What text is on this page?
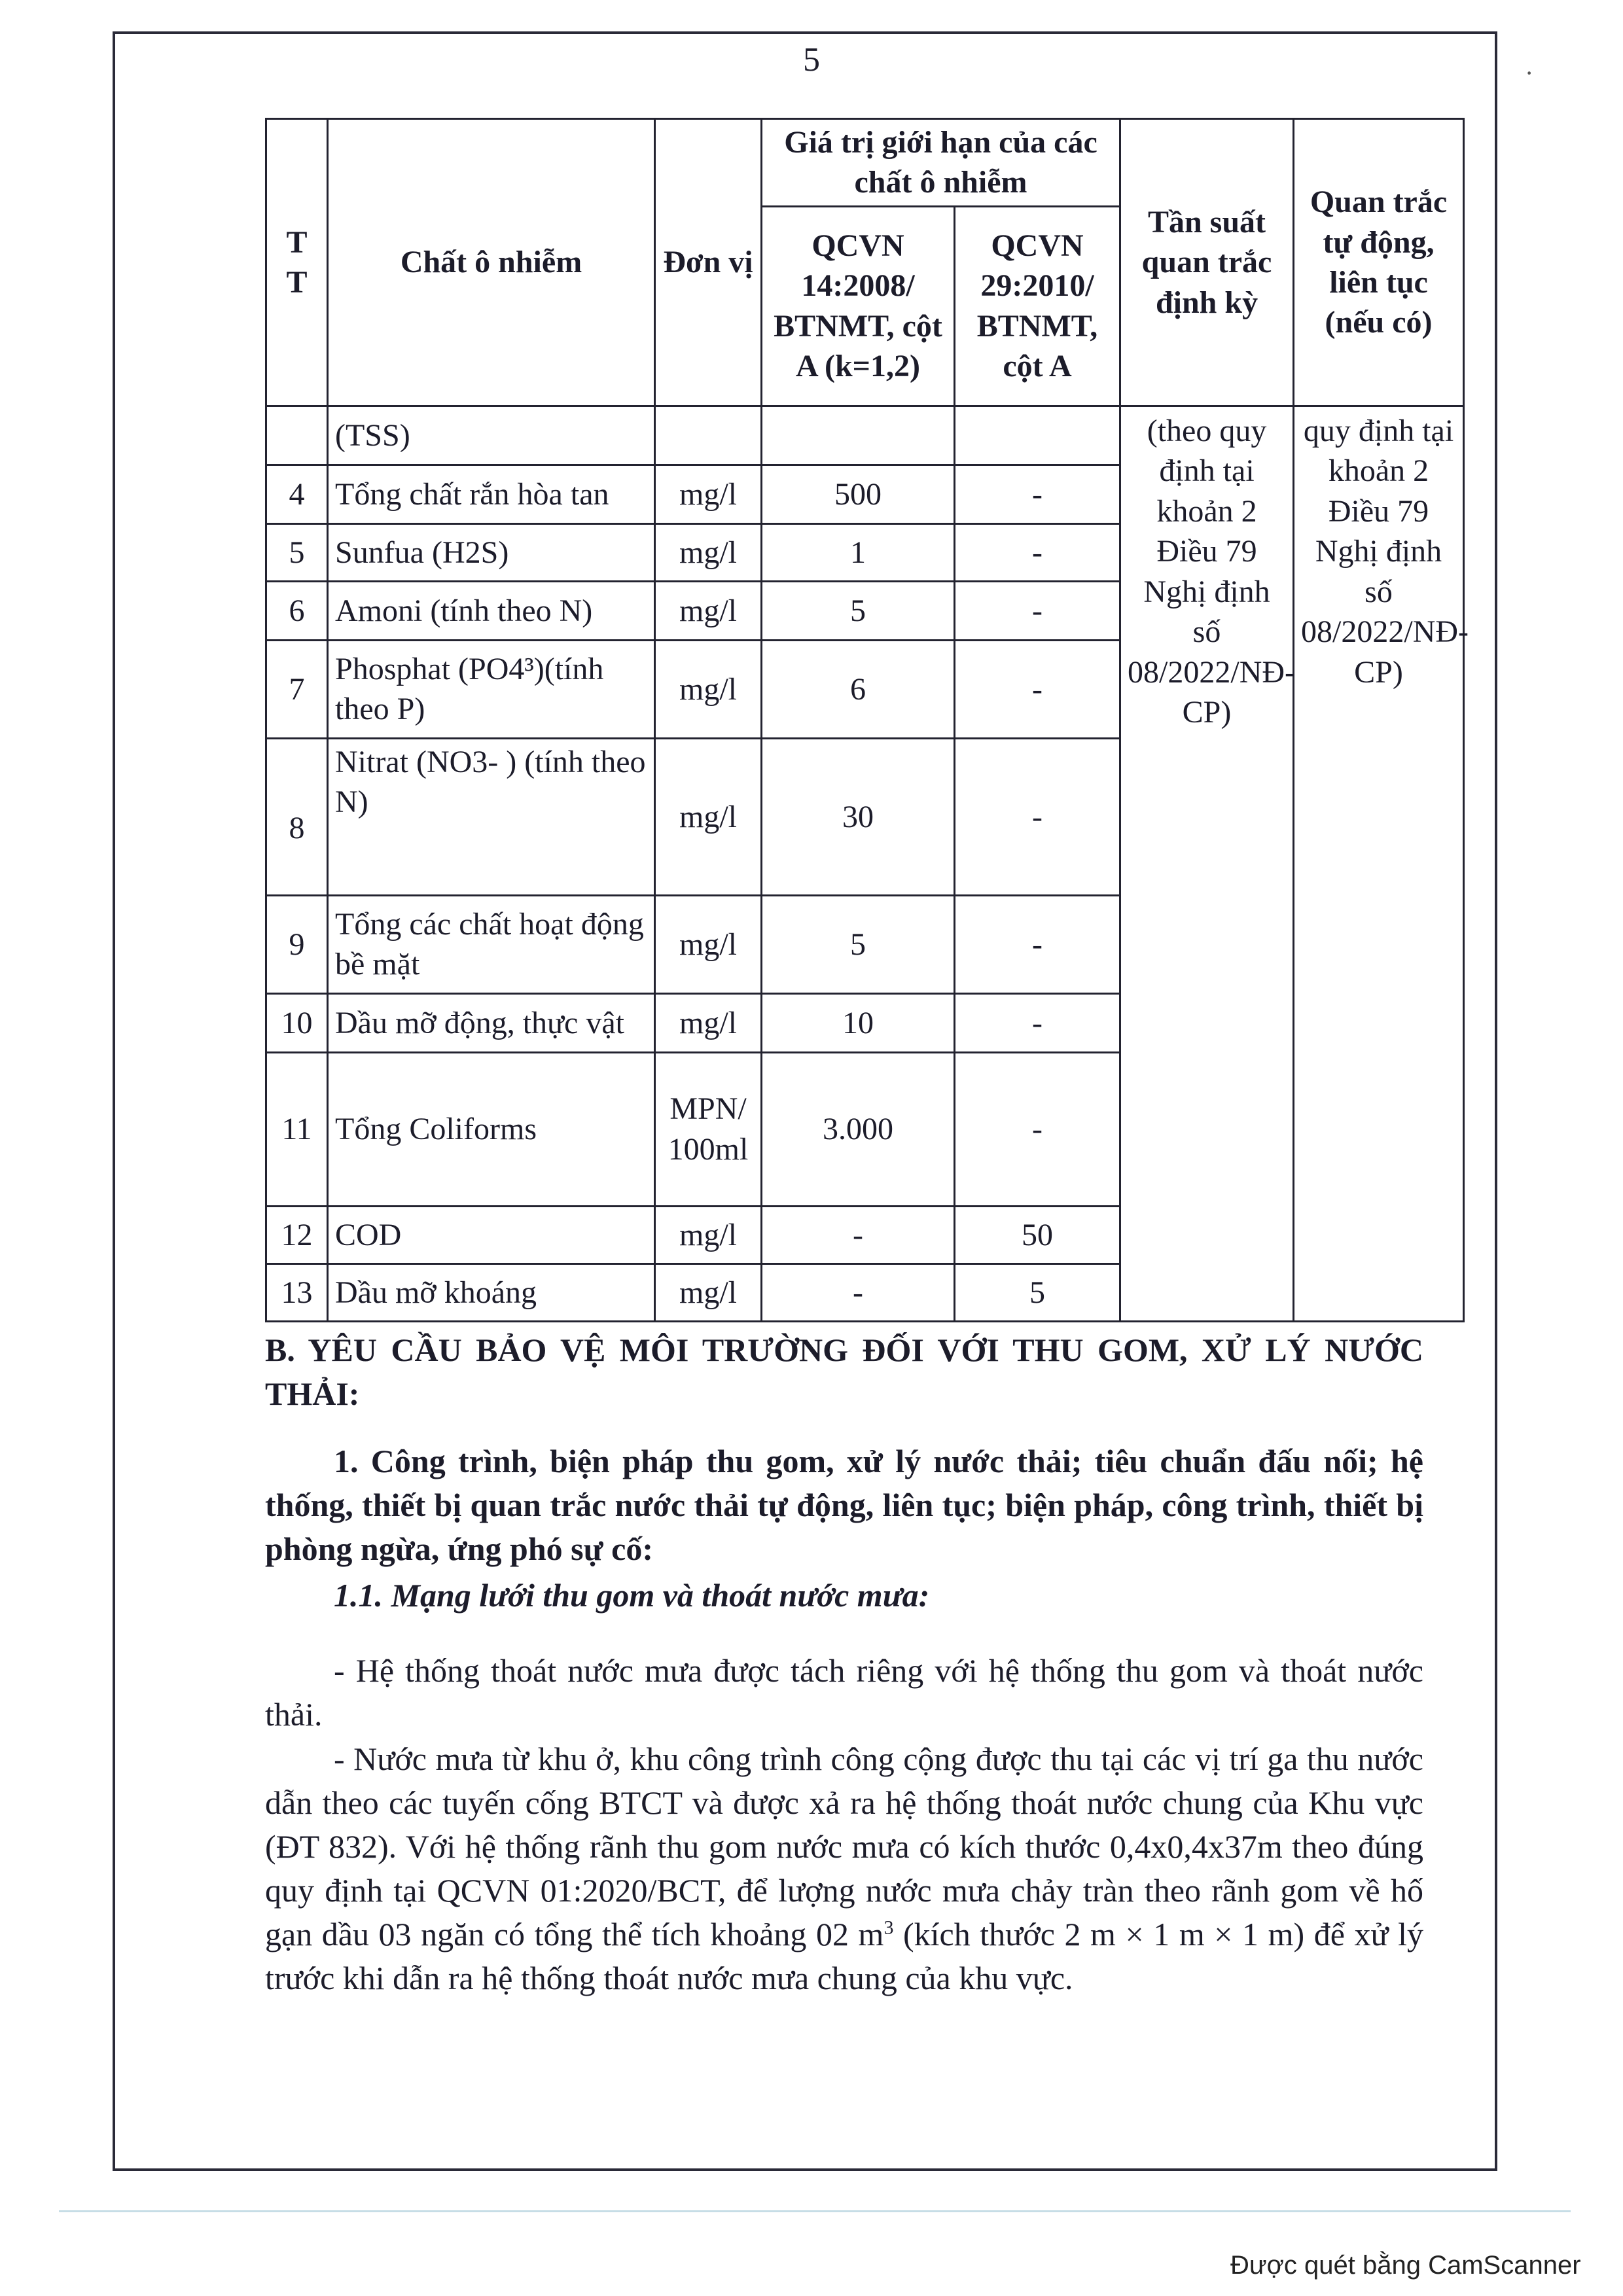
5	·
T T	Chất ô nhiễm	Đơn vị	Giá trị giới hạn của các chất ô nhiễm		Tần suất quan trắc định kỳ	Quan trắc tự động, liên tục (nếu có)
			QCVN 14:2008/ BTNMT, cột A (k=1,2)	QCVN 29:2010/ BTNMT, cột A		
	(TSS)				(theo quy định tại khoản 2 Điều 79 Nghị định số 08/2022/NĐ-CP)	quy định tại khoản 2 Điều 79 Nghị định số 08/2022/NĐ-CP)
4	Tổng chất rắn hòa tan	mg/l	500	-		
5	Sunfua (H2S)	mg/l	1	-		
6	Amoni (tính theo N)	mg/l	5	-		
7	Phosphat (PO4³)(tính theo P)	mg/l	6	-		
8	Nitrat (NO3- ) (tính theo N)	mg/l	30	-		
9	Tổng các chất hoạt động bề mặt	mg/l	5	-		
10	Dầu mỡ động, thực vật	mg/l	10	-		
11	Tổng Coliforms	MPN/ 100ml	3.000	-		
12	COD	mg/l	-	50		
13	Dầu mỡ khoáng	mg/l	-	5		
B. YÊU CẦU BẢO VỆ MÔI TRƯỜNG ĐỐI VỚI THU GOM, XỬ LÝ NƯỚC THẢI:
1. Công trình, biện pháp thu gom, xử lý nước thải; tiêu chuẩn đấu nối; hệ thống, thiết bị quan trắc nước thải tự động, liên tục; biện pháp, công trình, thiết bị phòng ngừa, ứng phó sự cố:
1.1. Mạng lưới thu gom và thoát nước mưa:
- Hệ thống thoát nước mưa được tách riêng với hệ thống thu gom và thoát nước thải.
- Nước mưa từ khu ở, khu công trình công cộng được thu tại các vị trí ga thu nước dẫn theo các tuyến cống BTCT và được xả ra hệ thống thoát nước chung của Khu vực (ĐT 832). Với hệ thống rãnh thu gom nước mưa có kích thước 0,4x0,4x37m theo đúng quy định tại QCVN 01:2020/BCT, để lượng nước mưa chảy tràn theo rãnh gom về hố gạn dầu 03 ngăn có tổng thể tích khoảng 02 $m^3$ (kích thước 2 m × 1 m × 1 m) để xử lý trước khi dẫn ra hệ thống thoát nước mưa chung của khu vực.
Được quét bằng CamScanner
